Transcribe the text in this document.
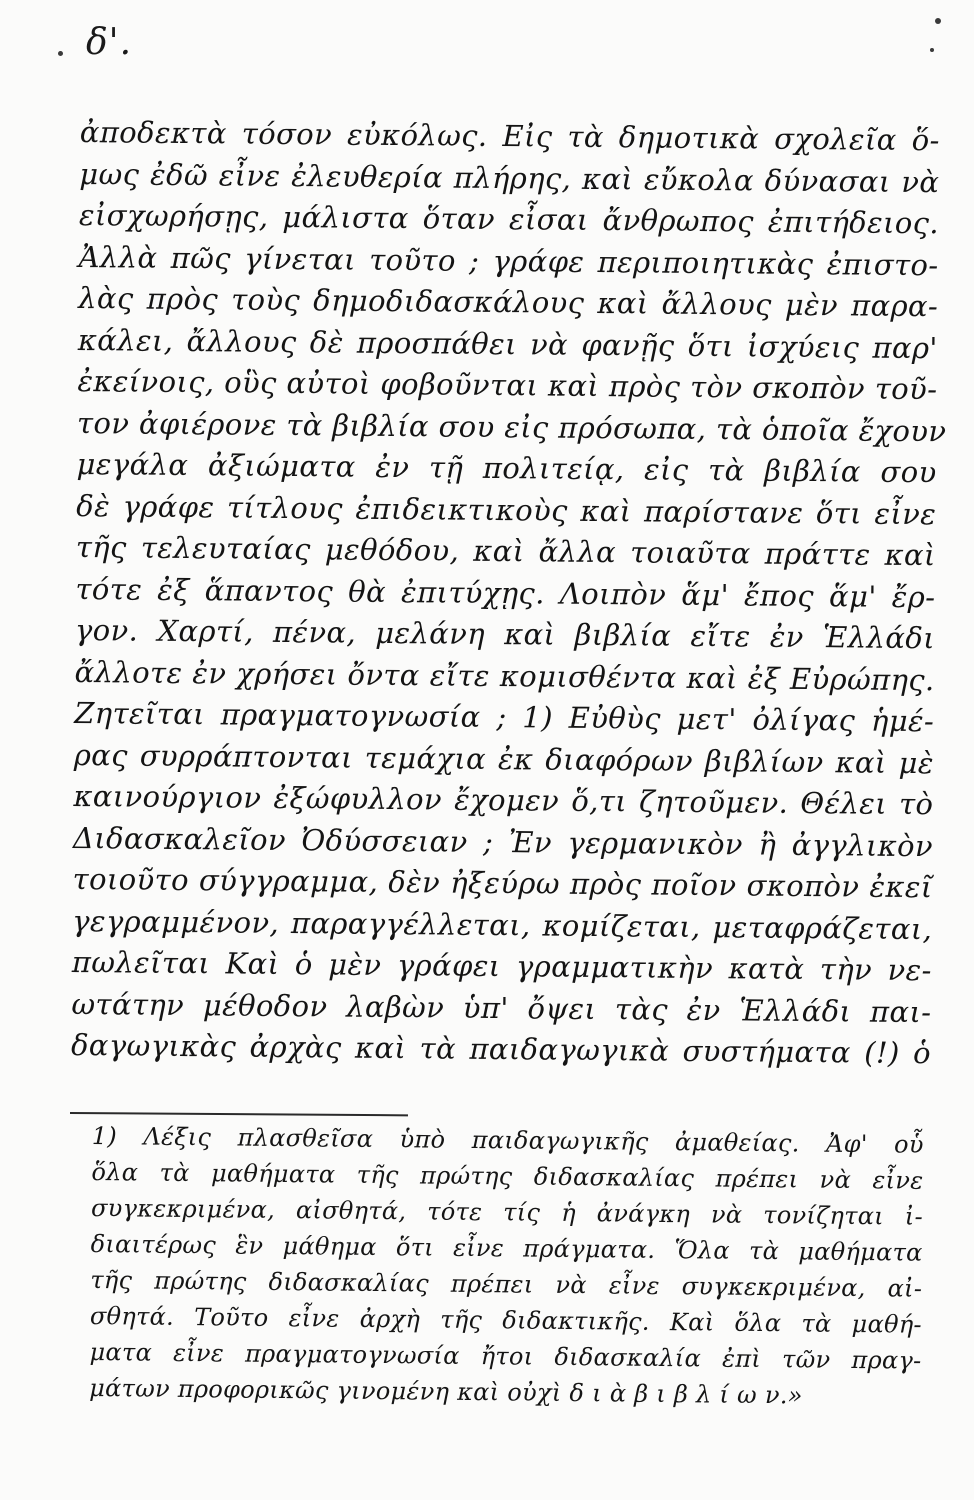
δ'.
ἀποδεκτὰ τόσον εὐκόλως. Εἰς τὰ δημοτικὰ σχολεῖα ὅ-
μως ἐδῶ εἶνε ἐλευθερία πλήρης, καὶ εὔκολα δύνασαι νὰ
εἰσχωρήσῃς, μάλιστα ὅταν εἶσαι ἄνθρωπος ἐπιτήδειος.
Ἀλλὰ πῶς γίνεται τοῦτο ; γράφε περιποιητικὰς ἐπιστο-
λὰς πρὸς τοὺς δημοδιδασκάλους καὶ ἄλλους μὲν παρα-
κάλει, ἄλλους δὲ προσπάθει νὰ φανῇς ὅτι ἰσχύεις παρ'
ἐκείνοις, οὓς αὐτοὶ φοβοῦνται καὶ πρὸς τὸν σκοπὸν τοῦ-
τον ἀφιέρονε τὰ βιβλία σου εἰς πρόσωπα, τὰ ὁποῖα ἔχουν
μεγάλα ἀξιώματα ἐν τῇ πολιτείᾳ, εἰς τὰ βιβλία σου
δὲ γράφε τίτλους ἐπιδεικτικοὺς καὶ παρίστανε ὅτι εἶνε
τῆς τελευταίας μεθόδου, καὶ ἄλλα τοιαῦτα πράττε καὶ
τότε ἐξ ἅπαντος θὰ ἐπιτύχῃς. Λοιπὸν ἅμ' ἔπος ἅμ' ἔρ-
γον. Χαρτί, πένα, μελάνη καὶ βιβλία εἴτε ἐν Ἑλλάδι
ἄλλοτε ἐν χρήσει ὄντα εἴτε κομισθέντα καὶ ἐξ Εὐρώπης.
Ζητεῖται πραγματογνωσία ; 1) Εὐθὺς μετ' ὀλίγας ἡμέ-
ρας συρράπτονται τεμάχια ἐκ διαφόρων βιβλίων καὶ μὲ
καινούργιον ἐξώφυλλον ἔχομεν ὅ,τι ζητοῦμεν. Θέλει τὸ
Διδασκαλεῖον Ὀδύσσειαν ; Ἐν γερμανικὸν ἢ ἀγγλικὸν
τοιοῦτο σύγγραμμα, δὲν ἠξεύρω πρὸς ποῖον σκοπὸν ἐκεῖ
γεγραμμένον, παραγγέλλεται, κομίζεται, μεταφράζεται,
πωλεῖται Καὶ ὁ μὲν γράφει γραμματικὴν κατὰ τὴν νε-
ωτάτην μέθοδον λαβὼν ὑπ' ὄψει τὰς ἐν Ἑλλάδι παι-
δαγωγικὰς ἀρχὰς καὶ τὰ παιδαγωγικὰ συστήματα (!) ὁ
1) Λέξις πλασθεῖσα ὑπὸ παιδαγωγικῆς ἀμαθείας. Ἀφ' οὗ
ὅλα τὰ μαθήματα τῆς πρώτης διδασκαλίας πρέπει νὰ εἶνε
συγκεκριμένα, αἰσθητά, τότε τίς ἡ ἀνάγκη νὰ τονίζηται ἰ-
διαιτέρως ἓν μάθημα ὅτι εἶνε πράγματα. Ὅλα τὰ μαθήματα
τῆς πρώτης διδασκαλίας πρέπει νὰ εἶνε συγκεκριμένα, αἰ-
σθητά. Τοῦτο εἶνε ἀρχὴ τῆς διδακτικῆς. Καὶ ὅλα τὰ μαθή-
ματα εἶνε πραγματογνωσία ἤτοι διδασκαλία ἐπὶ τῶν πραγ-
μάτων προφορικῶς γινομένη καὶ οὐχὶ δ ι ὰ β ι β λ ί ω ν.»
